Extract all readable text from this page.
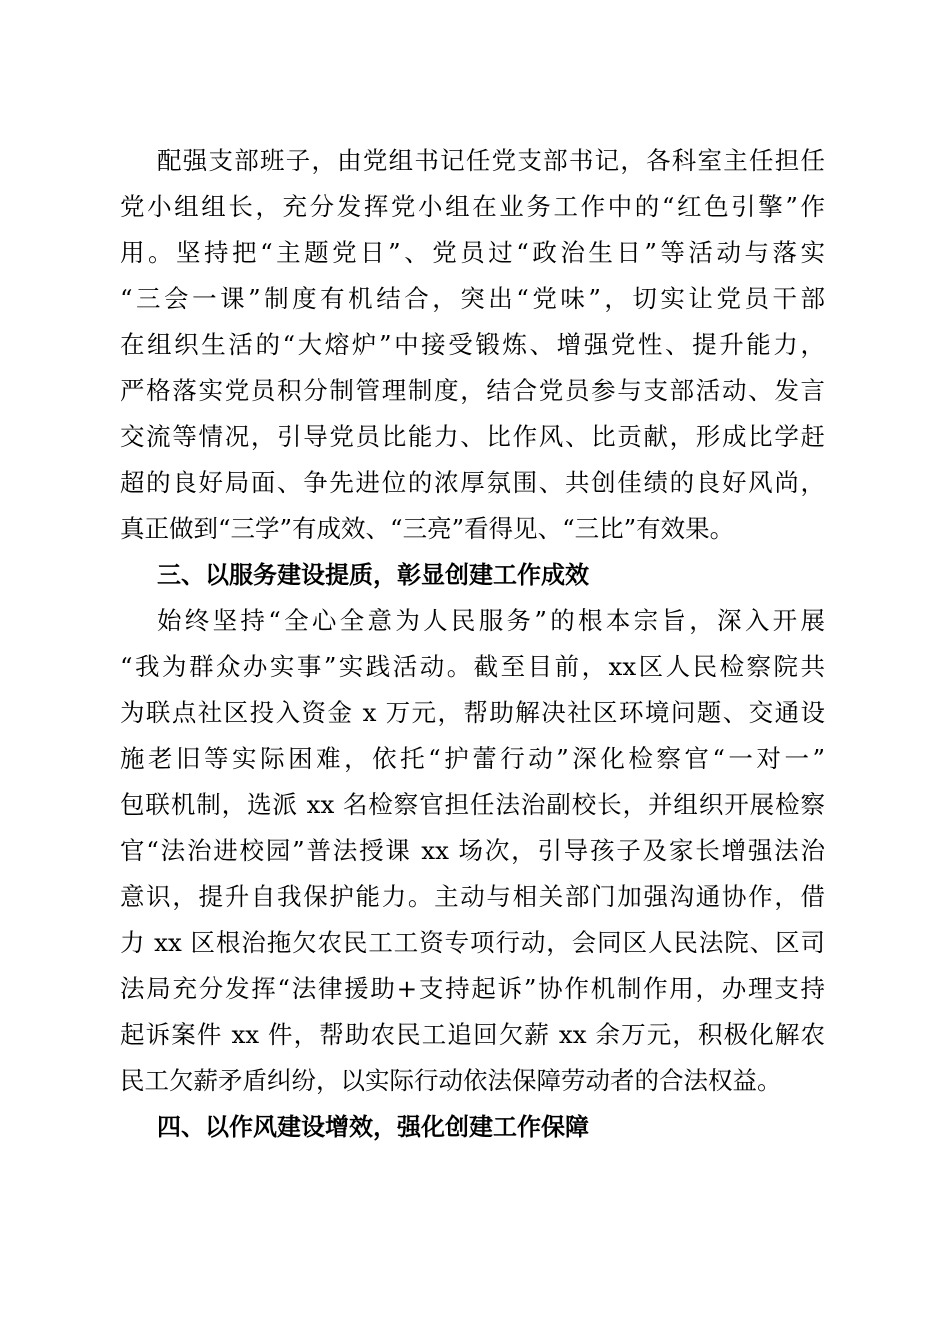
配强支部班子，由党组书记任党支部书记，各科室主任担任
党小组组长，充分发挥党小组在业务工作中的“红色引擎”作
用。坚持把“主题党日”、党员过“政治生日”等活动与落实
“三会一课”制度有机结合，突出“党味”，切实让党员干部
在组织生活的“大熔炉”中接受锻炼、增强党性、提升能力，
严格落实党员积分制管理制度，结合党员参与支部活动、发言
交流等情况，引导党员比能力、比作风、比贡献，形成比学赶
超的良好局面、争先进位的浓厚氛围、共创佳绩的良好风尚，
真正做到“三学”有成效、“三亮”看得见、“三比”有效果。
三、以服务建设提质，彰显创建工作成效
始终坚持“全心全意为人民服务”的根本宗旨，深入开展
“我为群众办实事”实践活动。截至目前，xx区人民检察院共
为联点社区投入资金 x 万元，帮助解决社区环境问题、交通设
施老旧等实际困难，依托“护蕾行动”深化检察官“一对一”
包联机制，选派 xx 名检察官担任法治副校长，并组织开展检察
官“法治进校园”普法授课 xx 场次，引导孩子及家长增强法治
意识，提升自我保护能力。主动与相关部门加强沟通协作，借
力 xx 区根治拖欠农民工工资专项行动，会同区人民法院、区司
法局充分发挥“法律援助+支持起诉”协作机制作用，办理支持
起诉案件 xx 件，帮助农民工追回欠薪 xx 余万元，积极化解农
民工欠薪矛盾纠纷，以实际行动依法保障劳动者的合法权益。
四、以作风建设增效，强化创建工作保障
